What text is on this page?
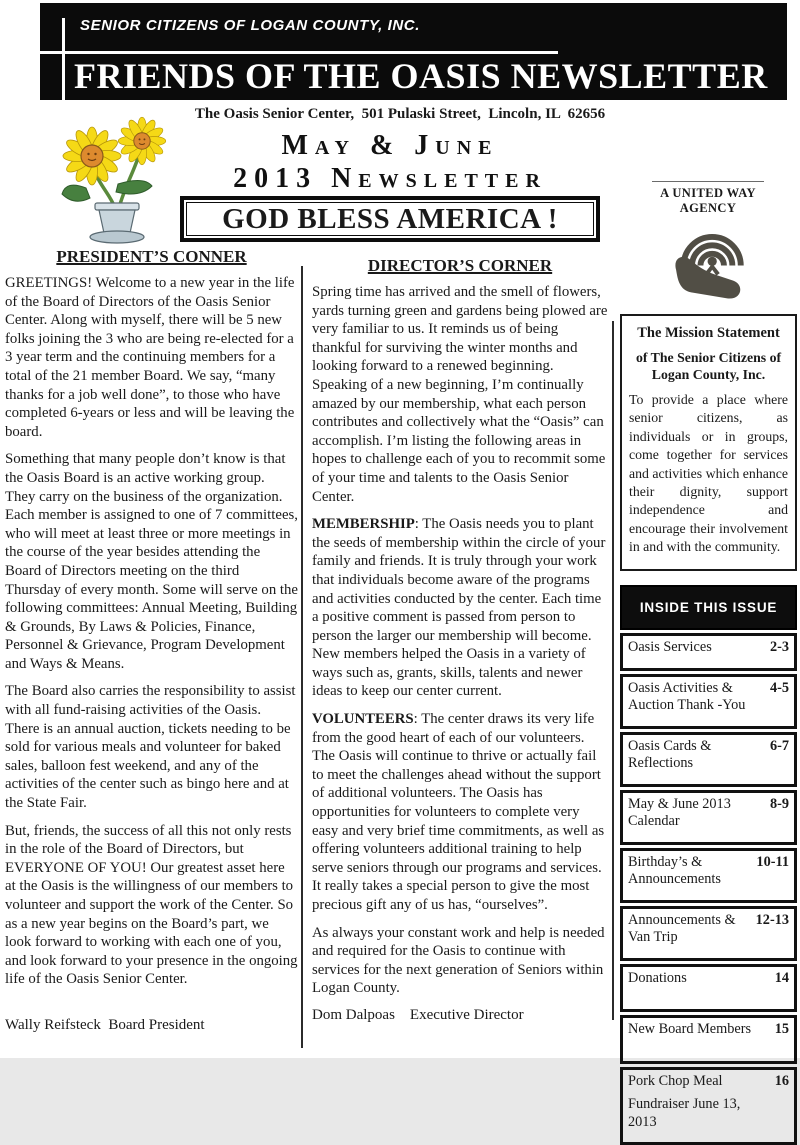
SENIOR CITIZENS OF LOGAN COUNTY, INC.
FRIENDS OF THE OASIS NEWSLETTER
The Oasis Senior Center,  501 Pulaski Street,  Lincoln, IL  62656
May & June
2013 Newsletter
GOD BLESS AMERICA !
A UNITED WAY AGENCY
PRESIDENT’S CONNER

GREETINGS! Welcome to a new year in the life of the Board of Directors of the Oasis Senior Center. Along with myself, there will be 5 new folks joining the 3 who are being re-elected for a 3 year term and the continuing members for a total of the 21 member Board. We say, “many thanks for a job well done”, to those who have completed 6-years or less and will be leaving the board.

Something that many people don’t know is that the Oasis Board is an active working group. They carry on the business of the organization. Each member is assigned to one of 7 committees, who will meet at least three or more meetings in the course of the year besides attending the Board of Directors meeting on the third Thursday of every month. Some will serve on the following committees: Annual Meeting, Building & Grounds, By Laws & Policies, Finance, Personnel & Grievance, Program Development and Ways & Means.

The Board also carries the responsibility to assist with all fund-raising activities of the Oasis. There is an annual auction, tickets needing to be sold for various meals and volunteer for baked sales, balloon fest weekend, and any of the activities of the center such as bingo here and at the State Fair.

But, friends, the success of all this not only rests in the role of the Board of Directors, but EVERYONE OF YOU! Our greatest asset here at the Oasis is the willingness of our members to volunteer and support the work of the Center. So as a new year begins on the Board’s part, we look forward to working with each one of you, and look forward to your presence in the ongoing life of the Oasis Senior Center.

Wally Reifsteck  Board President
DIRECTOR’S CORNER

Spring time has arrived and the smell of flowers, yards turning green and gardens being plowed are very familiar to us. It reminds us of being thankful for surviving the winter months and looking forward to a renewed beginning. Speaking of a new beginning, I’m continually amazed by our membership, what each person contributes and collectively what the “Oasis” can accomplish. I’m listing the following areas in hopes to challenge each of you to recommit some of your time and talents to the Oasis Senior Center.

MEMBERSHIP: The Oasis needs you to plant the seeds of membership within the circle of your family and friends. It is truly through your work that individuals become aware of the programs and activities conducted by the center. Each time a positive comment is passed from person to person the larger our membership will become. New members helped the Oasis in a variety of ways such as, grants, skills, talents and newer ideas to keep our center current.

VOLUNTEERS: The center draws its very life from the good heart of each of our volunteers. The Oasis will continue to thrive or actually fail to meet the challenges ahead without the support of additional volunteers. The Oasis has opportunities for volunteers to complete very easy and very brief time commitments, as well as offering volunteers additional training to help serve seniors through our programs and services. It really takes a special person to give the most precious gift any of us has, “ourselves”.

As always your constant work and help is needed and required for the Oasis to continue with services for the next generation of Seniors within Logan County.

Dom Dalpoas    Executive Director
The Mission Statement
of The Senior Citizens of Logan County, Inc.
To provide a place where senior citizens, as individuals or in groups, come together for services and activities which enhance their dignity, support independence and encourage their involvement in and with the community.
INSIDE THIS ISSUE
Oasis Services	2-3
Oasis Activities & Auction Thank -You
4-5
Oasis Cards & Reflections
6-7
May & June 2013 Calendar
8-9
Birthday’s & Announcements
10-11
Announcements & Van Trip
12-13
Donations	14
New Board Members	15
Pork Chop Meal
Fundraiser June 13, 2013
16
